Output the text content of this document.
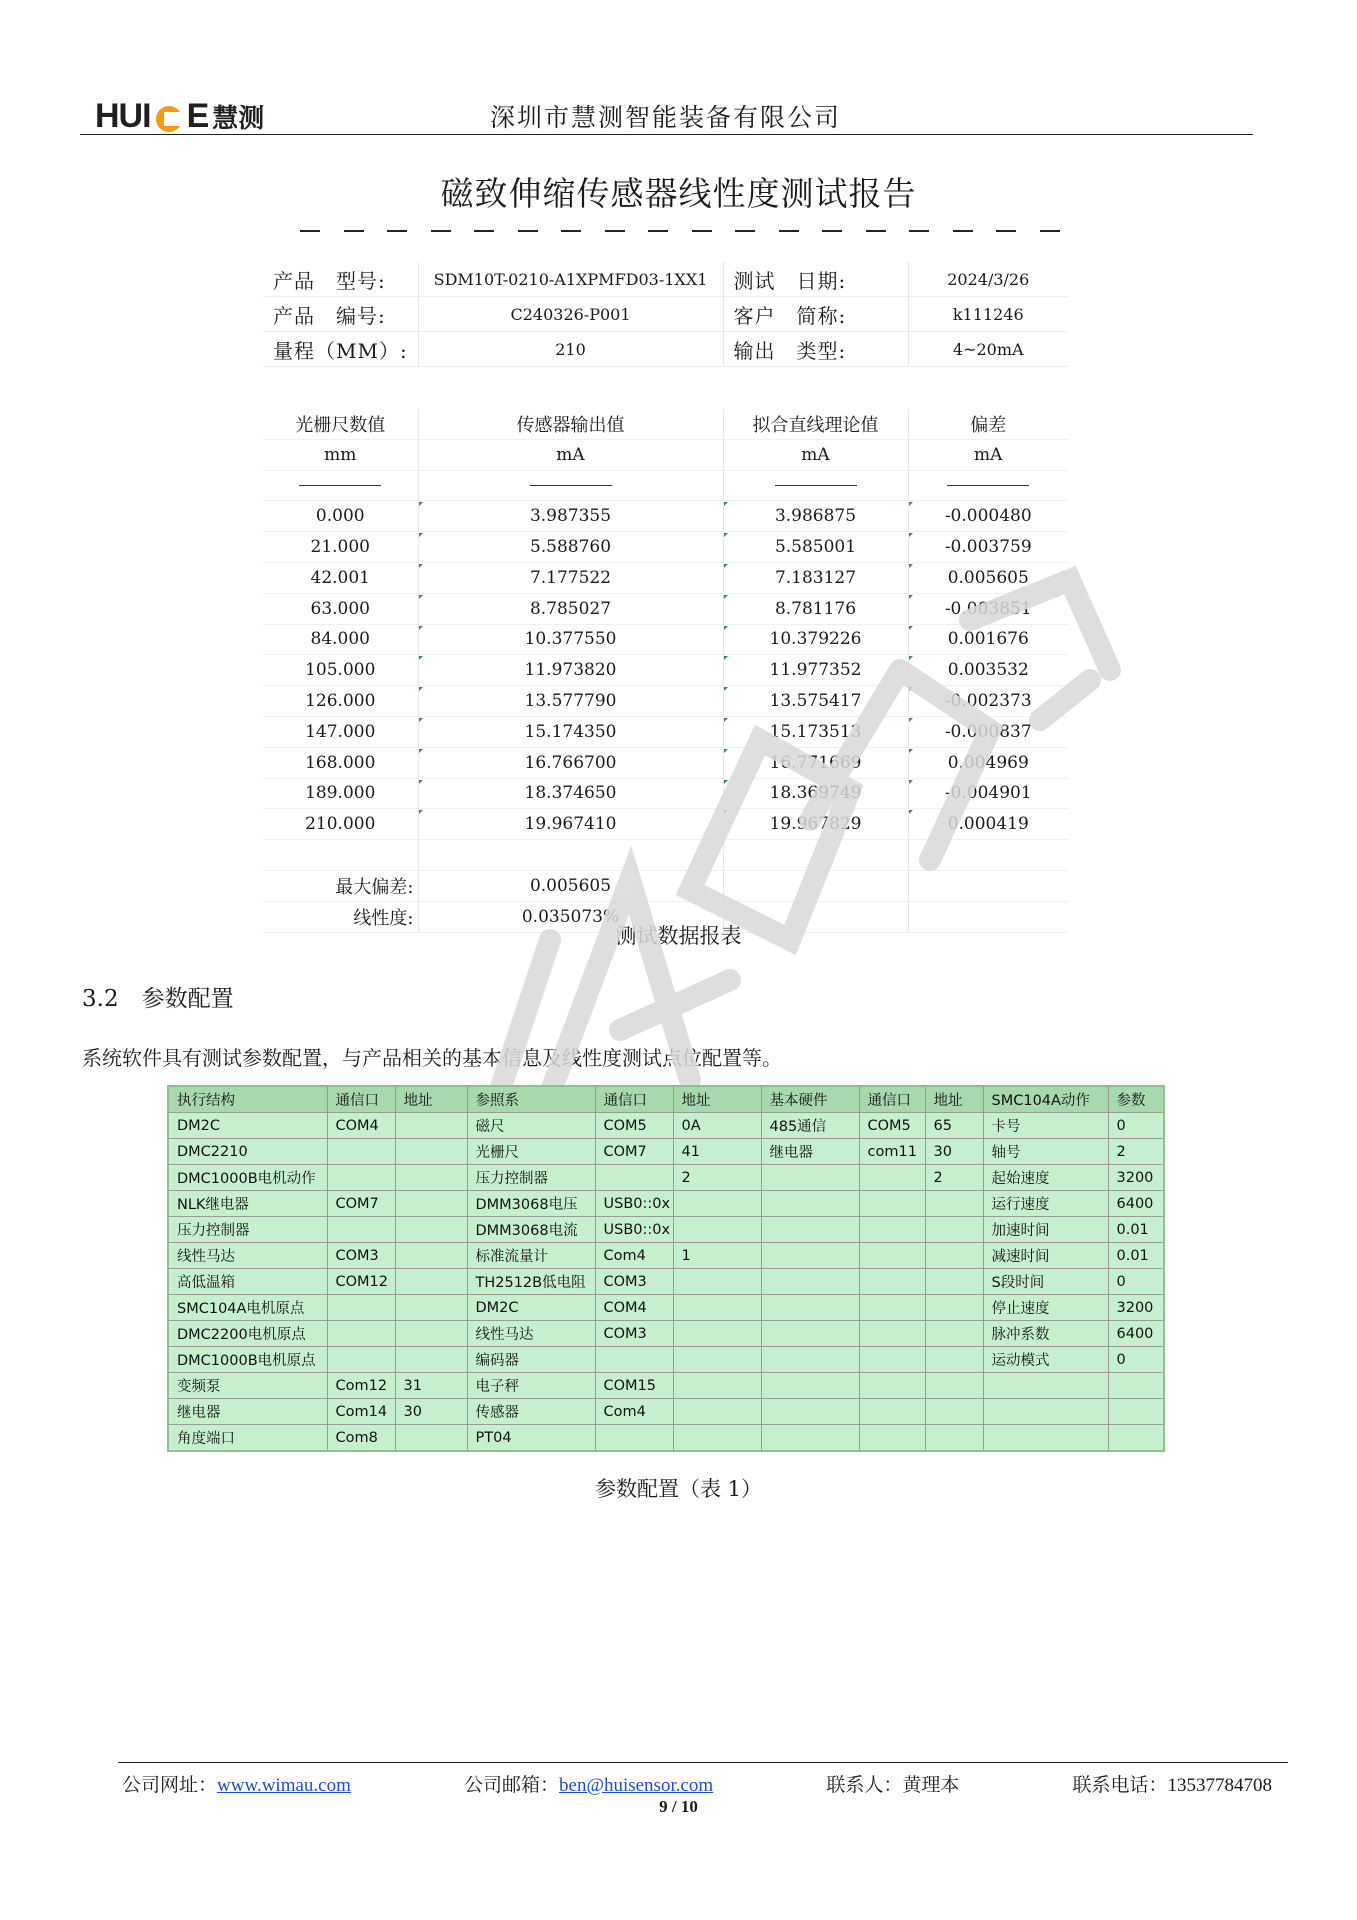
HUI E 慧测	深圳市慧测智能装备有限公司
磁致伸缩传感器线性度测试报告
产品　型号:	SDM10T-0210-A1XPMFD03-1XX1	测试　日期:	2024/3/26
产品　编号:	C240326-P001	客户　简称:	k111246
量程（MM）:	210	输出　类型:	4~20mA
光栅尺数值	传感器输出值	拟合直线理论值	偏差
mm	mA	mA	mA

0.000	3.987355	3.986875	-0.000480
21.000	5.588760	5.585001	-0.003759
42.001	7.177522	7.183127	0.005605
63.000	8.785027	8.781176	-0.003851
84.000	10.377550	10.379226	0.001676
105.000	11.973820	11.977352	0.003532
126.000	13.577790	13.575417	-0.002373
147.000	15.174350	15.173513	-0.000837
168.000	16.766700	16.771669	0.004969
189.000	18.374650	18.369749	-0.004901
210.000	19.967410	19.967829	0.000419

最大偏差:	0.005605		
线性度:	0.035073%		
测试数据报表
3.2　参数配置
系统软件具有测试参数配置，与产品相关的基本信息及线性度测试点位配置等。
执行结构	通信口	地址	参照系	通信口	地址	基本硬件	通信口	地址	SMC104A动作	参数
DM2C	COM4		磁尺	COM5	0A	485通信	COM5	65	卡号	0
DMC2210			光栅尺	COM7	41	继电器	com11	30	轴号	2
DMC1000B电机动作			压力控制器		2			2	起始速度	3200
NLK继电器	COM7		DMM3068电压	USB0::0x					运行速度	6400
压力控制器			DMM3068电流	USB0::0x					加速时间	0.01
线性马达	COM3		标准流量计	Com4	1				减速时间	0.01
高低温箱	COM12		TH2512B低电阻	COM3					S段时间	0
SMC104A电机原点			DM2C	COM4					停止速度	3200
DMC2200电机原点			线性马达	COM3					脉冲系数	6400
DMC1000B电机原点			编码器						运动模式	0
变频泵	Com12	31	电子秤	COM15						
继电器	Com14	30	传感器	Com4						
角度端口	Com8		PT04							
参数配置（表 1）
公司网址：www.wimau.com	公司邮箱：ben@huisensor.com	联系人：黄理本	联系电话：13537784708
9 / 10
